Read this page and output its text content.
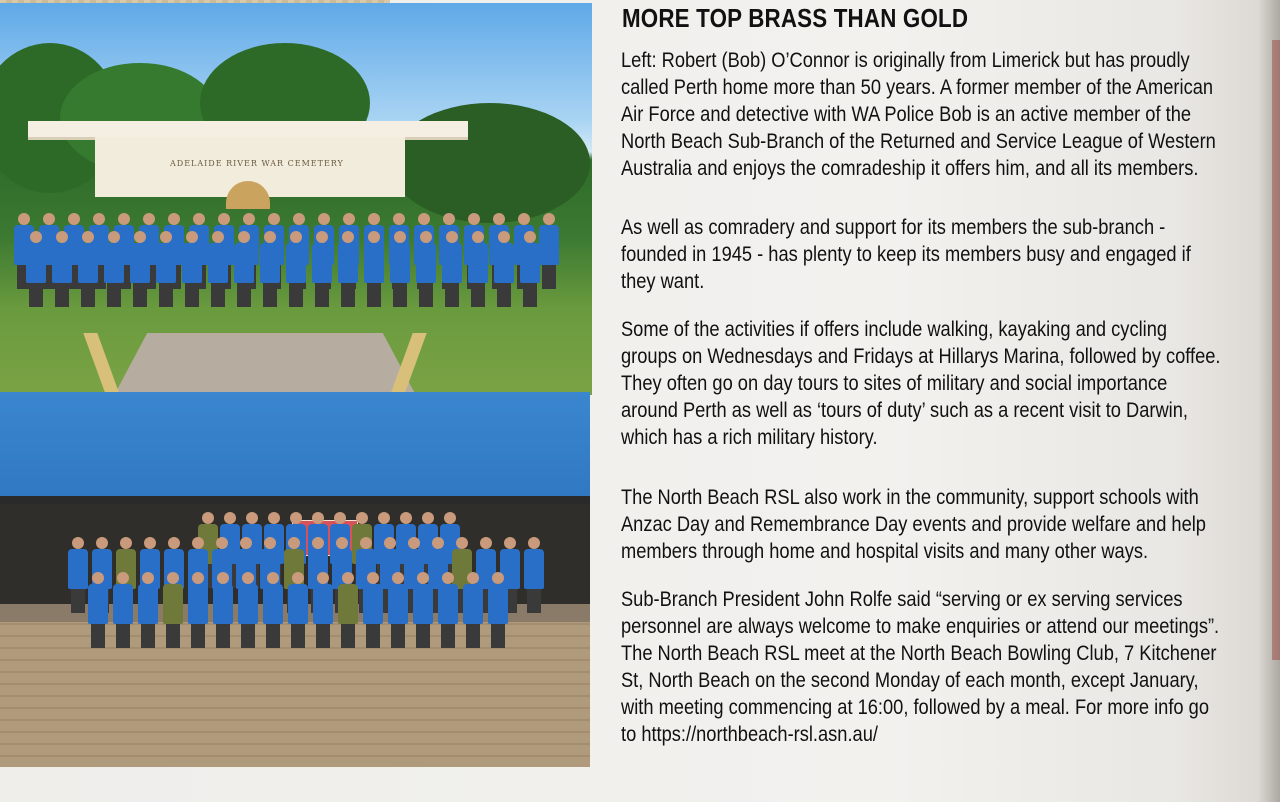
ADELAIDE RIVER WAR CEMETERY
MORE TOP BRASS THAN GOLD

Left: Robert (Bob) O’Connor is originally from Limerick but has proudly
called Perth home more than 50 years. A former member of the American
Air Force and detective with WA Police Bob is an active member of the
North Beach Sub-Branch of the Returned and Service League of Western
Australia and enjoys the comradeship it offers him, and all its members.

As well as comradery and support for its members the sub-branch -
founded in 1945 - has plenty to keep its members busy and engaged if
they want.

Some of the activities if offers include walking, kayaking and cycling
groups on Wednesdays and Fridays at Hillarys Marina, followed by coffee.
They often go on day tours to sites of military and social importance
around Perth as well as ‘tours of duty’ such as a recent visit to Darwin,
which has a rich military history.

The North Beach RSL also work in the community, support schools with
Anzac Day and Remembrance Day events and provide welfare and help
members through home and hospital visits and many other ways.

Sub-Branch President John Rolfe said “serving or ex serving services
personnel are always welcome to make enquiries or attend our meetings”.
The North Beach RSL meet at the North Beach Bowling Club, 7 Kitchener
St, North Beach on the second Monday of each month, except January,
with meeting commencing at 16:00, followed by a meal. For more info go
to https://northbeach-rsl.asn.au/
